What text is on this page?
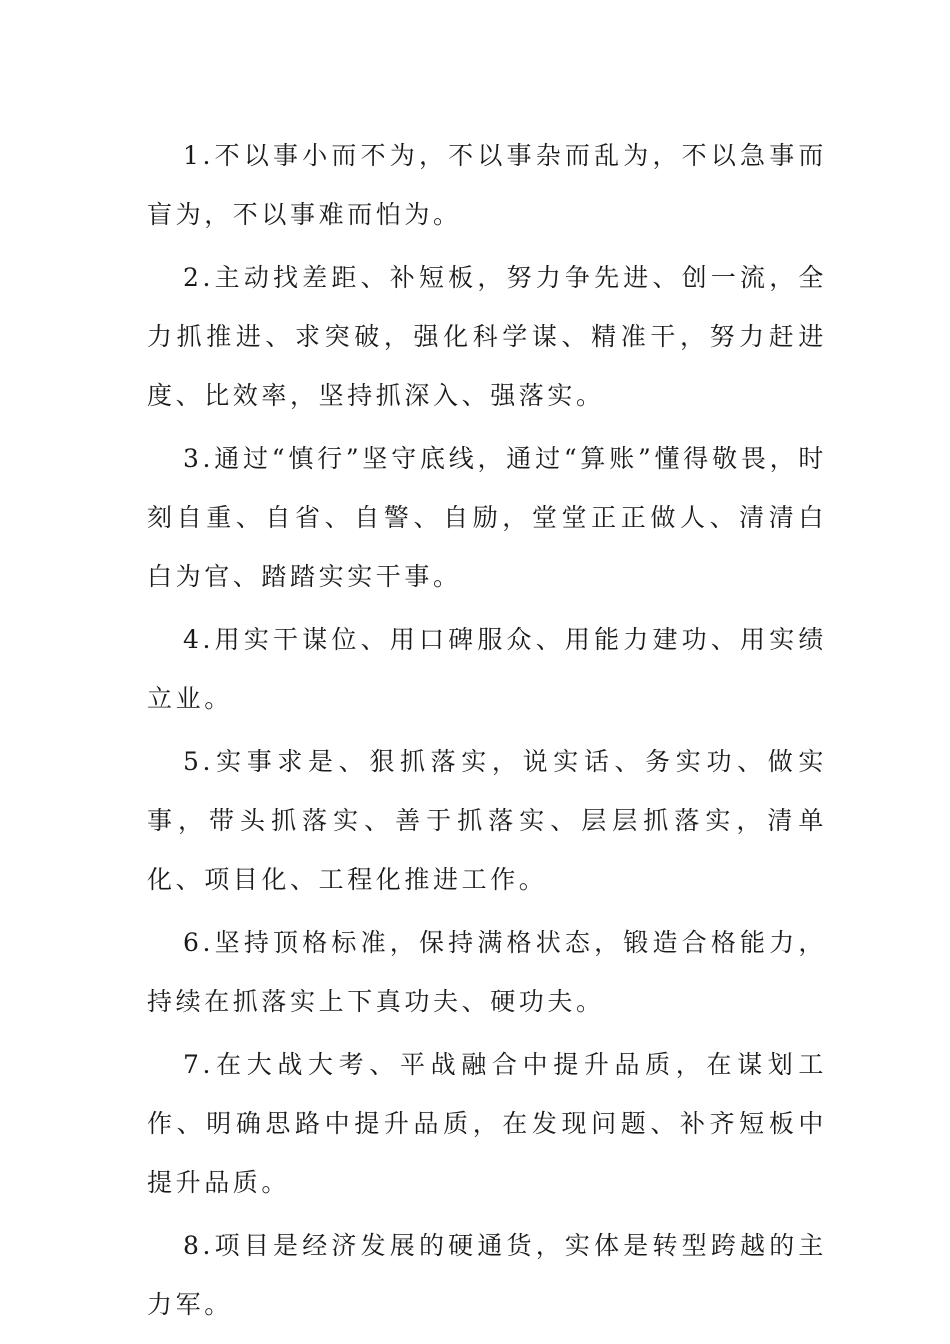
1.不以事小而不为，不以事杂而乱为，不以急事而盲为，不以事难而怕为。

2.主动找差距、补短板，努力争先进、创一流，全力抓推进、求突破，强化科学谋、精准干，努力赶进度、比效率，坚持抓深入、强落实。

3.通过“慎行”坚守底线，通过“算账”懂得敬畏，时刻自重、自省、自警、自励，堂堂正正做人、清清白白为官、踏踏实实干事。

4.用实干谋位、用口碑服众、用能力建功、用实绩立业。

5.实事求是、狠抓落实，说实话、务实功、做实事，带头抓落实、善于抓落实、层层抓落实，清单化、项目化、工程化推进工作。

6.坚持顶格标准，保持满格状态，锻造合格能力，持续在抓落实上下真功夫、硬功夫。

7.在大战大考、平战融合中提升品质，在谋划工作、明确思路中提升品质，在发现问题、补齐短板中提升品质。

8.项目是经济发展的硬通货，实体是转型跨越的主力军。
